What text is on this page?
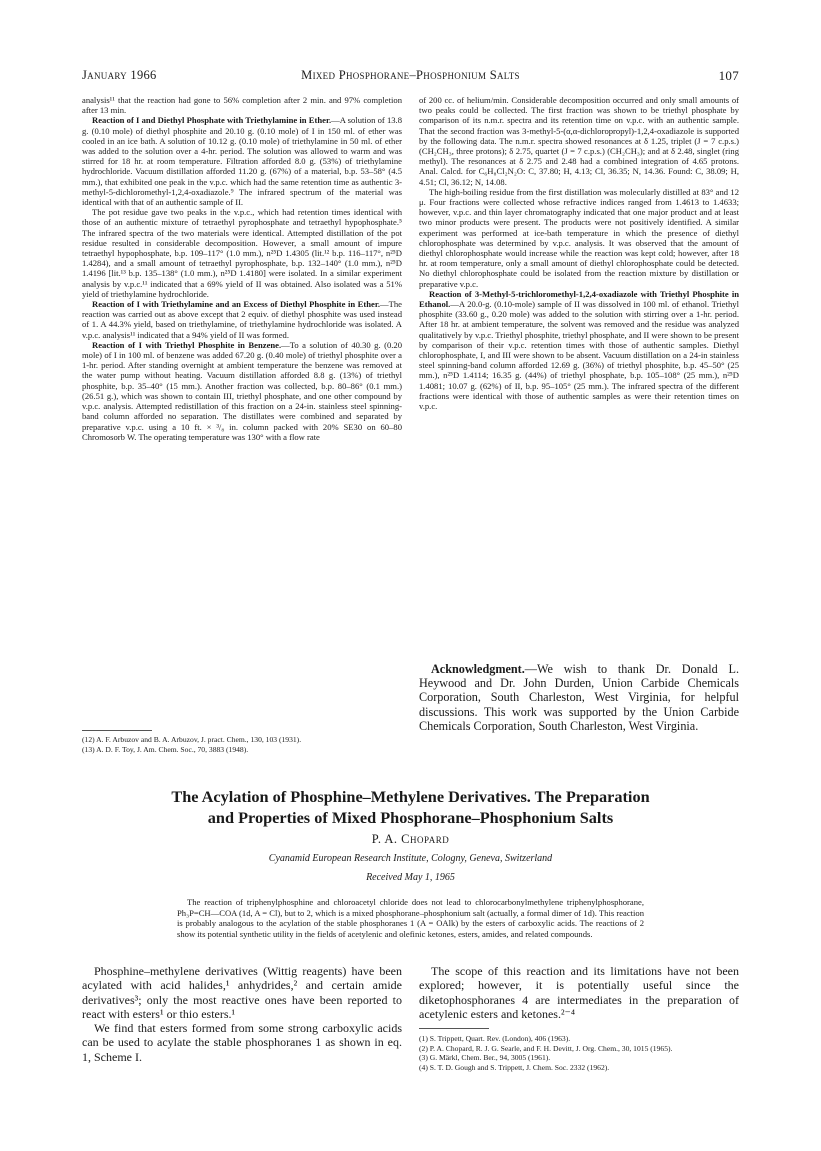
January 1966	Mixed Phosphorane–Phosphonium Salts	107

analysis¹¹ that the reaction had gone to 56% completion after 2 min. and 97% completion after 13 min.

Reaction of I and Diethyl Phosphate with Triethylamine in Ether.—A solution of 13.8 g. (0.10 mole) of diethyl phosphite and 20.10 g. (0.10 mole) of I in 150 ml. of ether was cooled in an ice bath. A solution of 10.12 g. (0.10 mole) of triethylamine in 50 ml. of ether was added to the solution over a 4-hr. period. The solution was allowed to warm and was stirred for 18 hr. at room temperature. Filtration afforded 8.0 g. (53%) of triethylamine hydrochloride. Vacuum distillation afforded 11.20 g. (67%) of a material, b.p. 53–58° (4.5 mm.), that exhibited one peak in the v.p.c. which had the same retention time as authentic 3-methyl-5-dichloromethyl-1,2,4-oxadiazole.⁹ The infrared spectrum of the material was identical with that of an authentic sample of II.

The pot residue gave two peaks in the v.p.c., which had retention times identical with those of an authentic mixture of tetraethyl pyrophosphate and tetraethyl hypophosphate.⁵ The infrared spectra of the two materials were identical. Attempted distillation of the pot residue resulted in considerable decomposition. However, a small amount of impure tetraethyl hypophosphate, b.p. 109–117° (1.0 mm.), n²⁵D 1.4305 (lit.¹² b.p. 116–117°, n²⁵D 1.4284), and a small amount of tetraethyl pyrophosphate, b.p. 132–140° (1.0 mm.), n²⁵D 1.4196 [lit.¹³ b.p. 135–138° (1.0 mm.), n²⁵D 1.4180] were isolated. In a similar experiment analysis by v.p.c.¹¹ indicated that a 69% yield of II was obtained. Also isolated was a 51% yield of triethylamine hydrochloride.

Reaction of I with Triethylamine and an Excess of Diethyl Phosphite in Ether.—The reaction was carried out as above except that 2 equiv. of diethyl phosphite was used instead of 1. A 44.3% yield, based on triethylamine, of triethylamine hydrochloride was isolated. A v.p.c. analysis¹¹ indicated that a 94% yield of II was formed.

Reaction of I with Triethyl Phosphite in Benzene.—To a solution of 40.30 g. (0.20 mole) of I in 100 ml. of benzene was added 67.20 g. (0.40 mole) of triethyl phosphite over a 1-hr. period. After standing overnight at ambient temperature the benzene was removed at the water pump without heating. Vacuum distillation afforded 8.8 g. (13%) of triethyl phosphite, b.p. 35–40° (15 mm.). Another fraction was collected, b.p. 80–86° (0.1 mm.) (26.51 g.), which was shown to contain III, triethyl phosphate, and one other compound by v.p.c. analysis. Attempted redistillation of this fraction on a 24-in. stainless steel spinning-band column afforded no separation. The distillates were combined and separated by preparative v.p.c. using a 10 ft. × ³/₈ in. column packed with 20% SE30 on 60–80 Chromosorb W. The operating temperature was 130° with a flow rate

(12) A. F. Arbuzov and B. A. Arbuzov, J. pract. Chem., 130, 103 (1931).

(13) A. D. F. Toy, J. Am. Chem. Soc., 70, 3883 (1948).

of 200 cc. of helium/min. Considerable decomposition occurred and only small amounts of two peaks could be collected. The first fraction was shown to be triethyl phosphate by comparison of its n.m.r. spectra and its retention time on v.p.c. with an authentic sample. That the second fraction was 3-methyl-5-(α,α-dichloropropyl)-1,2,4-oxadiazole is supported by the following data. The n.m.r. spectra showed resonances at δ 1.25, triplet (J = 7 c.p.s.) (CH₂CH₃, three protons); δ 2.75, quartet (J = 7 c.p.s.) (CH₂CH₃); and at δ 2.48, singlet (ring methyl). The resonances at δ 2.75 and 2.48 had a combined integration of 4.65 protons. Anal. Calcd. for C₆H₈Cl₂N₂O: C, 37.80; H, 4.13; Cl, 36.35; N, 14.36. Found: C, 38.09; H, 4.51; Cl, 36.12; N, 14.08.

The high-boiling residue from the first distillation was molecularly distilled at 83° and 12 μ. Four fractions were collected whose refractive indices ranged from 1.4613 to 1.4633; however, v.p.c. and thin layer chromatography indicated that one major product and at least two minor products were present. The products were not positively identified. A similar experiment was performed at ice-bath temperature in which the presence of diethyl chlorophosphate was determined by v.p.c. analysis. It was observed that the amount of diethyl chlorophosphate would increase while the reaction was kept cold; however, after 18 hr. at room temperature, only a small amount of diethyl chlorophosphate could be detected. No diethyl chlorophosphate could be isolated from the reaction mixture by distillation or preparative v.p.c.

Reaction of 3-Methyl-5-trichloromethyl-1,2,4-oxadiazole with Triethyl Phosphite in Ethanol.—A 20.0-g. (0.10-mole) sample of II was dissolved in 100 ml. of ethanol. Triethyl phosphite (33.60 g., 0.20 mole) was added to the solution with stirring over a 1-hr. period. After 18 hr. at ambient temperature, the solvent was removed and the residue was analyzed qualitatively by v.p.c. Triethyl phosphite, triethyl phosphate, and II were shown to be present by comparison of their v.p.c. retention times with those of authentic samples. Diethyl chlorophosphate, I, and III were shown to be absent. Vacuum distillation on a 24-in stainless steel spinning-band column afforded 12.69 g. (36%) of triethyl phosphite, b.p. 45–50° (25 mm.), n²⁵D 1.4114; 16.35 g. (44%) of triethyl phosphate, b.p. 105–108° (25 mm.), n²⁵D 1.4081; 10.07 g. (62%) of II, b.p. 95–105° (25 mm.). The infrared spectra of the different fractions were identical with those of authentic samples as were their retention times on v.p.c.

Acknowledgment.—We wish to thank Dr. Donald L. Heywood and Dr. John Durden, Union Carbide Chemicals Corporation, South Charleston, West Virginia, for helpful discussions. This work was supported by the Union Carbide Chemicals Corporation, South Charleston, West Virginia.

The Acylation of Phosphine–Methylene Derivatives. The Preparation
and Properties of Mixed Phosphorane–Phosphonium Salts
P. A. Chopard
Cyanamid European Research Institute, Cologny, Geneva, Switzerland
Received May 1, 1965

The reaction of triphenylphosphine and chloroacetyl chloride does not lead to chlorocarbonylmethylene triphenylphosphorane, Ph₃P=CH—COA (1d, A = Cl), but to 2, which is a mixed phosphorane–phosphonium salt (actually, a formal dimer of 1d). This reaction is probably analogous to the acylation of the stable phosphoranes 1 (A = OAlk) by the esters of carboxylic acids. The reactions of 2 show its potential synthetic utility in the fields of acetylenic and olefinic ketones, esters, amides, and related compounds.

Phosphine–methylene derivatives (Wittig reagents) have been acylated with acid halides,¹ anhydrides,² and certain amide derivatives³; only the most reactive ones have been reported to react with esters¹ or thio esters.¹

We find that esters formed from some strong carboxylic acids can be used to acylate the stable phosphoranes 1 as shown in eq. 1, Scheme I.

The scope of this reaction and its limitations have not been explored; however, it is potentially useful since the diketophosphoranes 4 are intermediates in the preparation of acetylenic esters and ketones.²⁻⁴

(1) S. Trippett, Quart. Rev. (London), 406 (1963).

(2) P. A. Chopard, R. J. G. Searle, and F. H. Devitt, J. Org. Chem., 30, 1015 (1965).

(3) G. Märkl, Chem. Ber., 94, 3005 (1961).

(4) S. T. D. Gough and S. Trippett, J. Chem. Soc. 2332 (1962).
